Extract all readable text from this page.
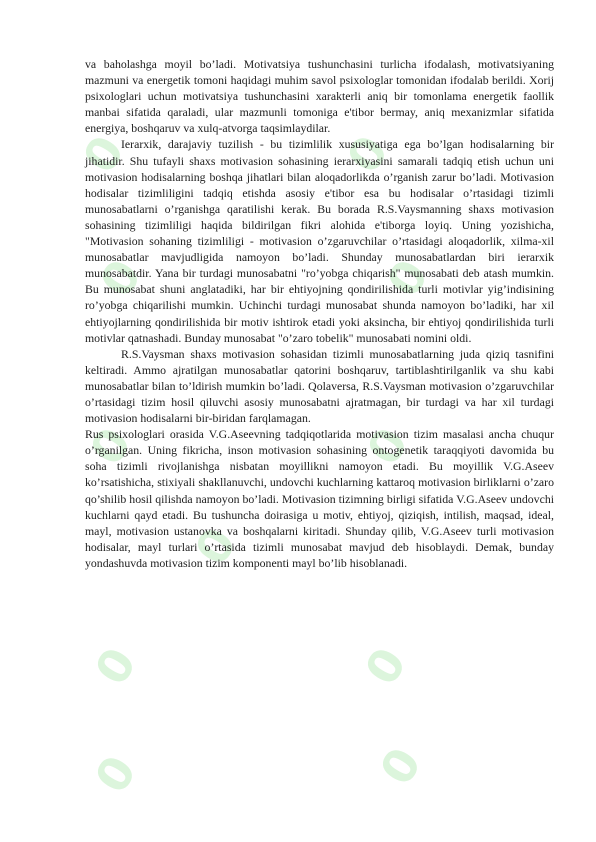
0	0
0	0
0	0
0
0	0
0	0

va baholashga moyil bo’ladi. Motivatsiya tushunchasini turlicha ifodalash, motivatsiyaning mazmuni va energetik tomoni haqidagi muhim savol psixologlar tomonidan ifodalab berildi. Xorij psixologlari uchun motivatsiya tushunchasini xarakterli aniq bir tomonlama energetik faollik manbai sifatida qaraladi, ular mazmunli tomoniga e'tibor bermay, aniq mexanizmlar sifatida energiya, boshqaruv va xulq-atvorga taqsimlaydilar.

Ierarxik, darajaviy tuzilish - bu tizimlilik xususiyatiga ega bo’lgan hodisalarning bir jihatidir. Shu tufayli shaxs motivasion sohasining ierarxiyasini samarali tadqiq etish uchun uni motivasion hodisalarning boshqa jihatlari bilan aloqadorlikda o’rganish zarur bo’ladi. Motivasion hodisalar tizimliligini tadqiq etishda asosiy e'tibor esa bu hodisalar o’rtasidagi tizimli munosabatlarni o’rganishga qaratilishi kerak. Bu borada R.S.Vaysmanning shaxs motivasion sohasining tizimliligi haqida bildirilgan fikri alohida e'tiborga loyiq. Uning yozishicha, "Motivasion sohaning tizimliligi - motivasion o’zgaruvchilar o’rtasidagi aloqadorlik, xilma-xil munosabatlar mavjudligida namoyon bo’ladi. Shunday munosabatlardan biri ierarxik munosabatdir. Yana bir turdagi munosabatni "ro’yobga chiqarish" munosabati deb atash mumkin. Bu munosabat shuni anglatadiki, har bir ehtiyojning qondirilishida turli motivlar yig’indisining ro’yobga chiqarilishi mumkin. Uchinchi turdagi munosabat shunda namoyon bo’ladiki, har xil ehtiyojlarning qondirilishida bir motiv ishtirok etadi yoki aksincha, bir ehtiyoj qondirilishida turli motivlar qatnashadi. Bunday munosabat "o’zaro tobelik" munosabati nomini oldi.

R.S.Vaysman shaxs motivasion sohasidan tizimli munosabatlarning juda qiziq tasnifini keltiradi. Ammo ajratilgan munosabatlar qatorini boshqaruv, tartiblashtirilganlik va shu kabi munosabatlar bilan to’ldirish mumkin bo’ladi. Qolaversa, R.S.Vaysman motivasion o’zgaruvchilar o’rtasidagi tizim hosil qiluvchi asosiy munosabatni ajratmagan, bir turdagi va har xil turdagi motivasion hodisalarni bir-biridan farqlamagan.

Rus psixologlari orasida V.G.Aseevning tadqiqotlarida motivasion tizim masalasi ancha chuqur o’rganilgan. Uning fikricha, inson motivasion sohasining ontogenetik taraqqiyoti davomida bu soha tizimli rivojlanishga nisbatan moyillikni namoyon etadi. Bu moyillik V.G.Aseev ko’rsatishicha, stixiyali shakllanuvchi, undovchi kuchlarning kattaroq motivasion birliklarni o’zaro qo’shilib hosil qilishda namoyon bo’ladi. Motivasion tizimning birligi sifatida V.G.Aseev undovchi kuchlarni qayd etadi. Bu tushuncha doirasiga u motiv, ehtiyoj, qiziqish, intilish, maqsad, ideal, mayl, motivasion ustanovka va boshqalarni kiritadi. Shunday qilib, V.G.Aseev turli motivasion hodisalar, mayl turlari o’rtasida tizimli munosabat mavjud deb hisoblaydi. Demak, bunday yondashuvda motivasion tizim komponenti mayl bo’lib hisoblanadi.
